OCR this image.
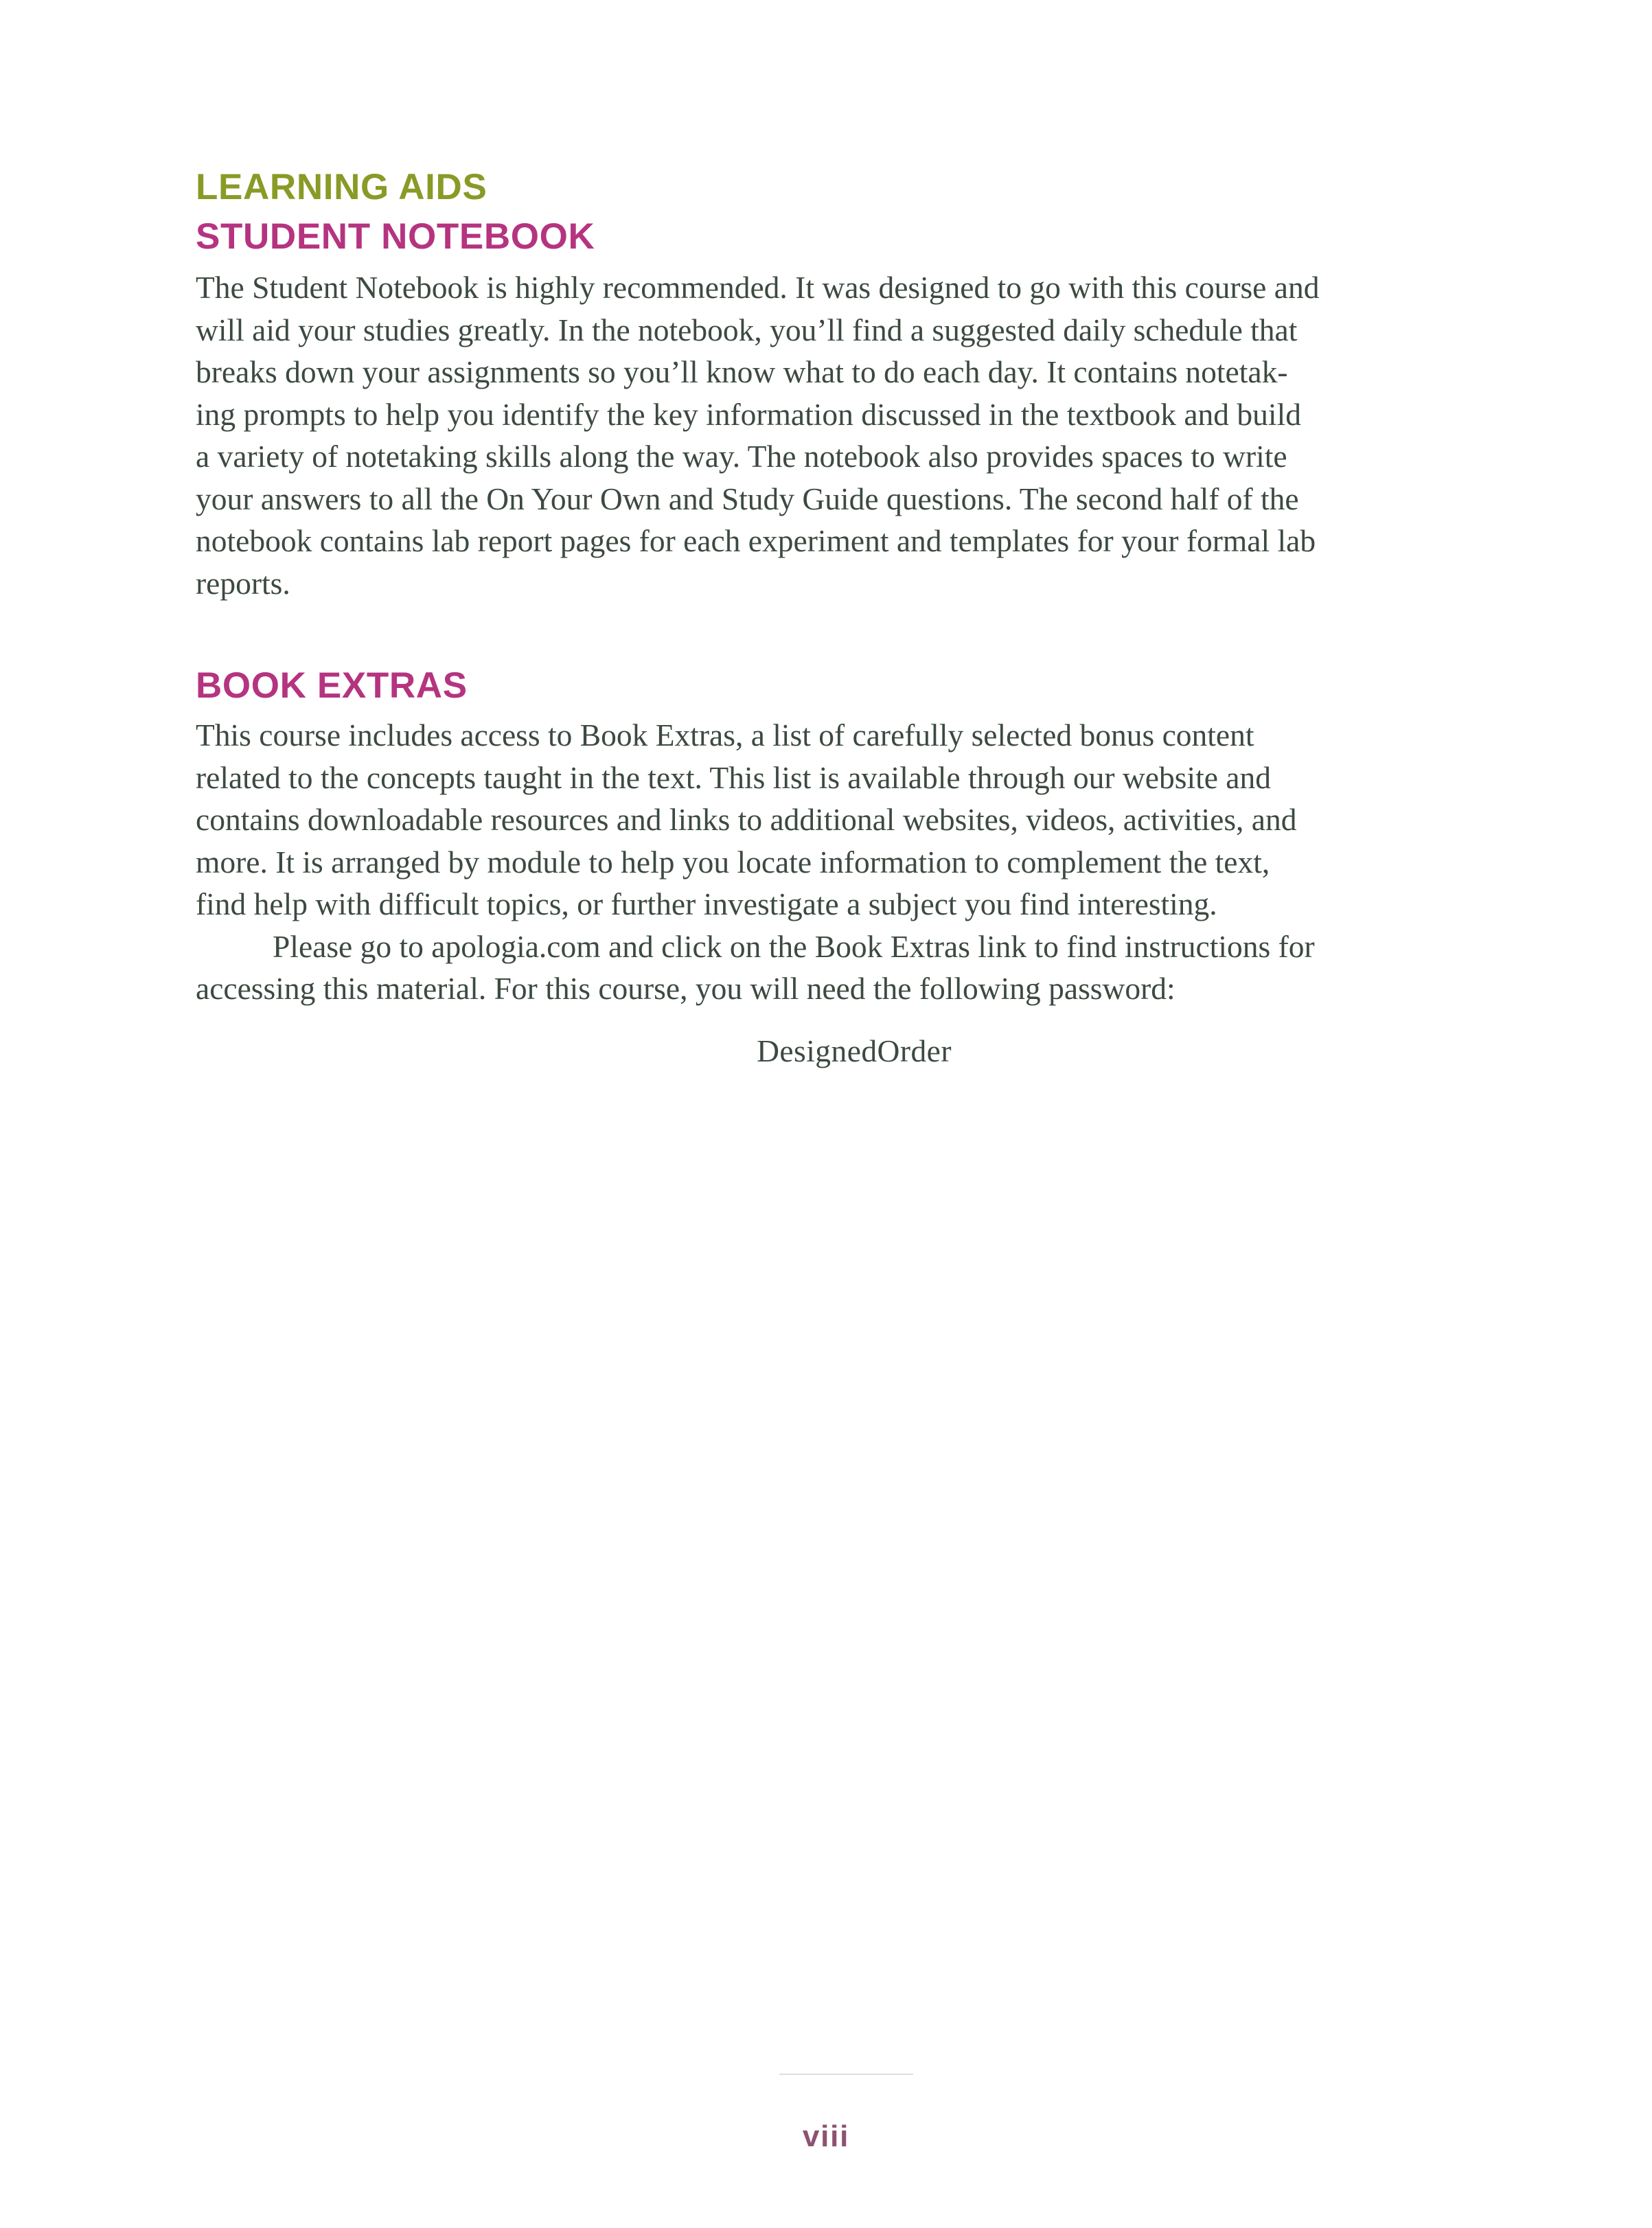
LEARNING AIDS
STUDENT NOTEBOOK

The Student Notebook is highly recommended. It was designed to go with this course and
will aid your studies greatly. In the notebook, you’ll find a suggested daily schedule that
breaks down your assignments so you’ll know what to do each day. It contains notetak-
ing prompts to help you identify the key information discussed in the textbook and build
a variety of notetaking skills along the way. The notebook also provides spaces to write
your answers to all the On Your Own and Study Guide questions. The second half of the
notebook contains lab report pages for each experiment and templates for your formal lab
reports.

BOOK EXTRAS

This course includes access to Book Extras, a list of carefully selected bonus content
related to the concepts taught in the text. This list is available through our website and
contains downloadable resources and links to additional websites, videos, activities, and
more. It is arranged by module to help you locate information to complement the text,
find help with difficult topics, or further investigate a subject you find interesting.
Please go to apologia.com and click on the Book Extras link to find instructions for
accessing this material. For this course, you will need the following password:

DesignedOrder
viii
